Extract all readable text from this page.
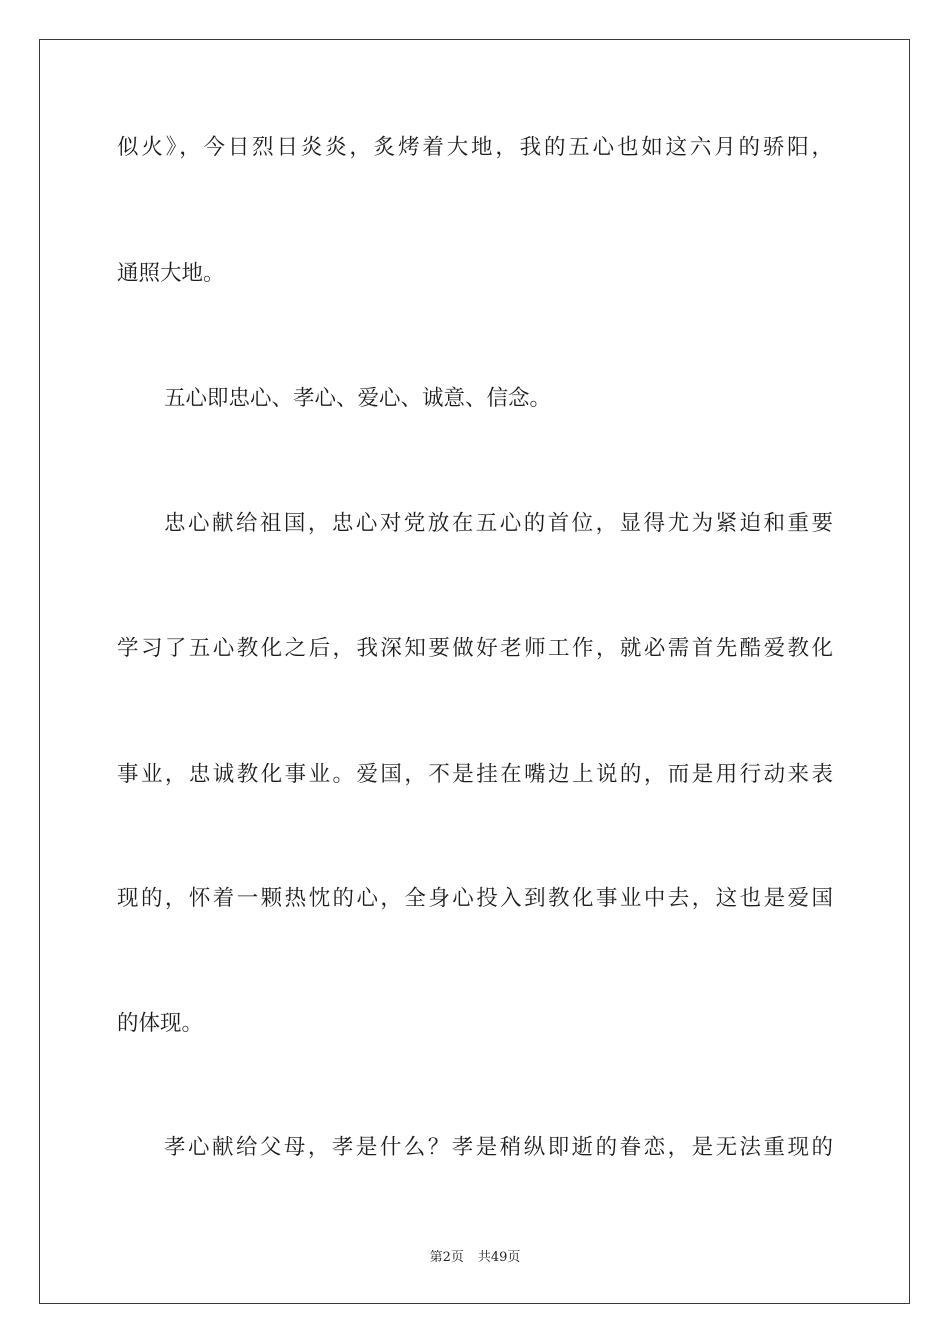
似火》，今日烈日炎炎，炙烤着大地，我的五心也如这六月的骄阳，
通照大地。
五心即忠心、孝心、爱心、诚意、信念。
忠心献给祖国，忠心对党放在五心的首位，显得尤为紧迫和重要
学习了五心教化之后，我深知要做好老师工作，就必需首先酷爱教化
事业，忠诚教化事业。爱国，不是挂在嘴边上说的，而是用行动来表
现的，怀着一颗热忱的心，全身心投入到教化事业中去，这也是爱国
的体现。
孝心献给父母，孝是什么？孝是稍纵即逝的眷恋，是无法重现的
第2页 共49页
